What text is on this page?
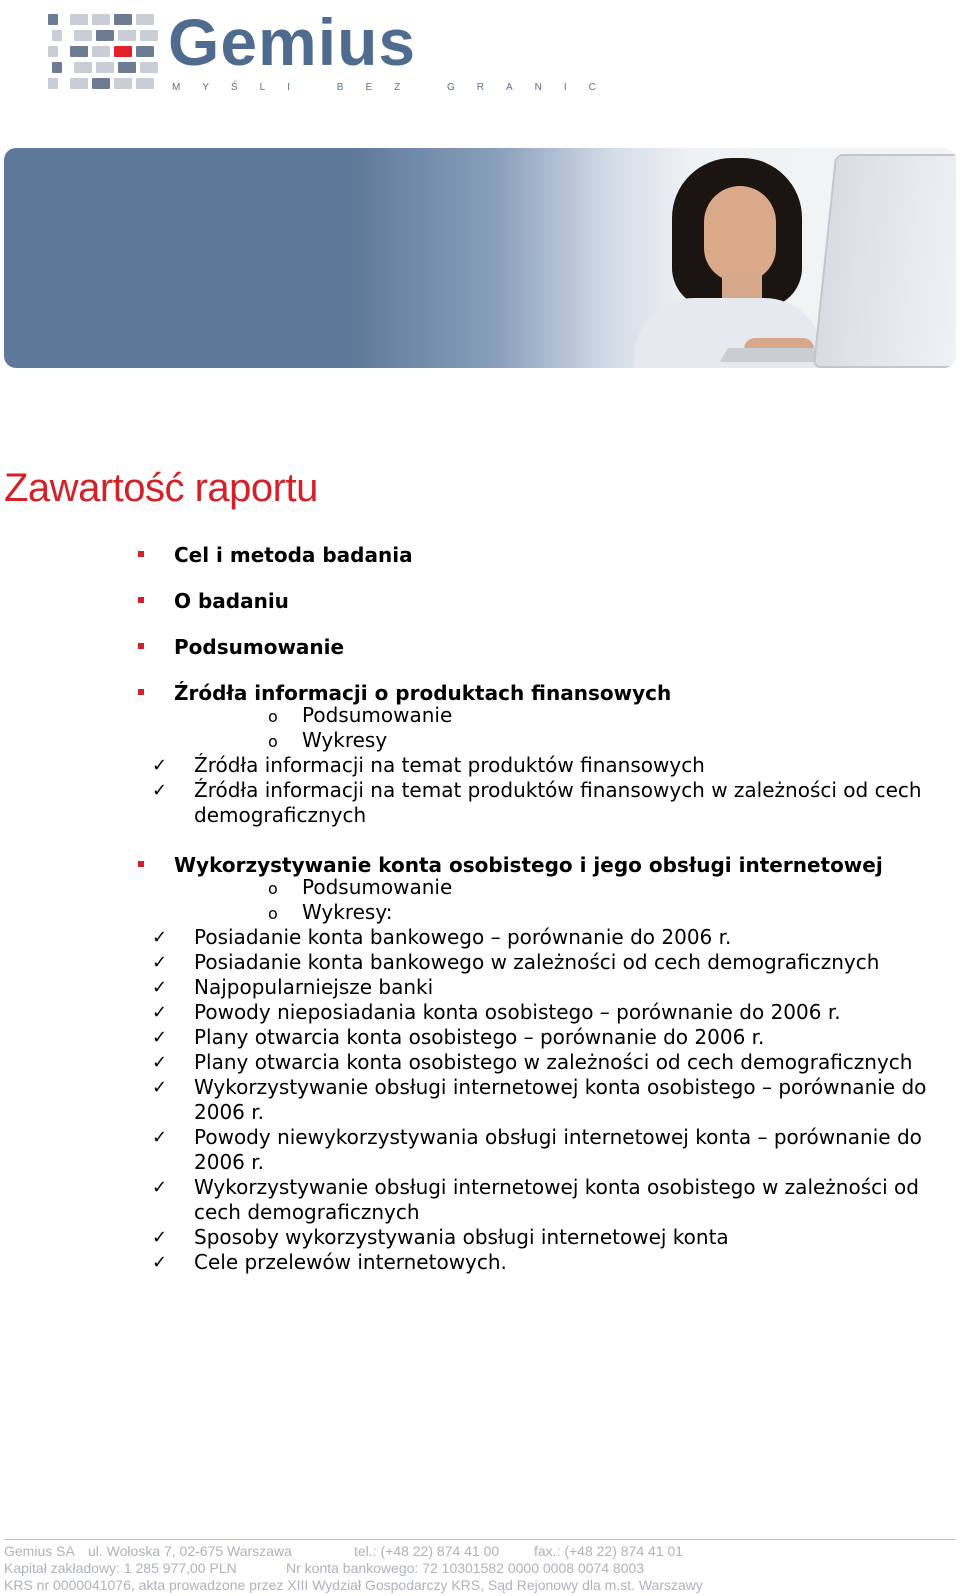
Gemius
MYŚLI BEZ GRANIC
Zawartość raportu
Cel i metoda badania
O badaniu
Podsumowanie
Źródła informacji o produktach finansowych
o Podsumowanie
o Wykresy
✓ Źródła informacji na temat produktów finansowych
✓ Źródła informacji na temat produktów finansowych w zależności od cech demograficznych
Wykorzystywanie konta osobistego i jego obsługi internetowej
o Podsumowanie
o Wykresy:
✓ Posiadanie konta bankowego – porównanie do 2006 r.
✓ Posiadanie konta bankowego w zależności od cech demograficznych
✓ Najpopularniejsze banki
✓ Powody nieposiadania konta osobistego – porównanie do 2006 r.
✓ Plany otwarcia konta osobistego – porównanie do 2006 r.
✓ Plany otwarcia konta osobistego w zależności od cech demograficznych
✓ Wykorzystywanie obsługi internetowej konta osobistego – porównanie do 2006 r.
✓ Powody niewykorzystywania obsługi internetowej konta – porównanie do 2006 r.
✓ Wykorzystywanie obsługi internetowej konta osobistego w zależności od cech demograficznych
✓ Sposoby wykorzystywania obsługi internetowej konta
✓ Cele przelewów internetowych.
Gemius SA ul. Wołoska 7, 02-675 Warszawa	tel.: (+48 22) 874 41 00 fax.: (+48 22) 874 41 01
Kapitał zakładowy: 1 285 977,00 PLN	Nr konta bankowego: 72 10301582 0000 0008 0074 8003
KRS nr 0000041076, akta prowadzone przez XIII Wydział Gospodarczy KRS, Sąd Rejonowy dla m.st. Warszawy
